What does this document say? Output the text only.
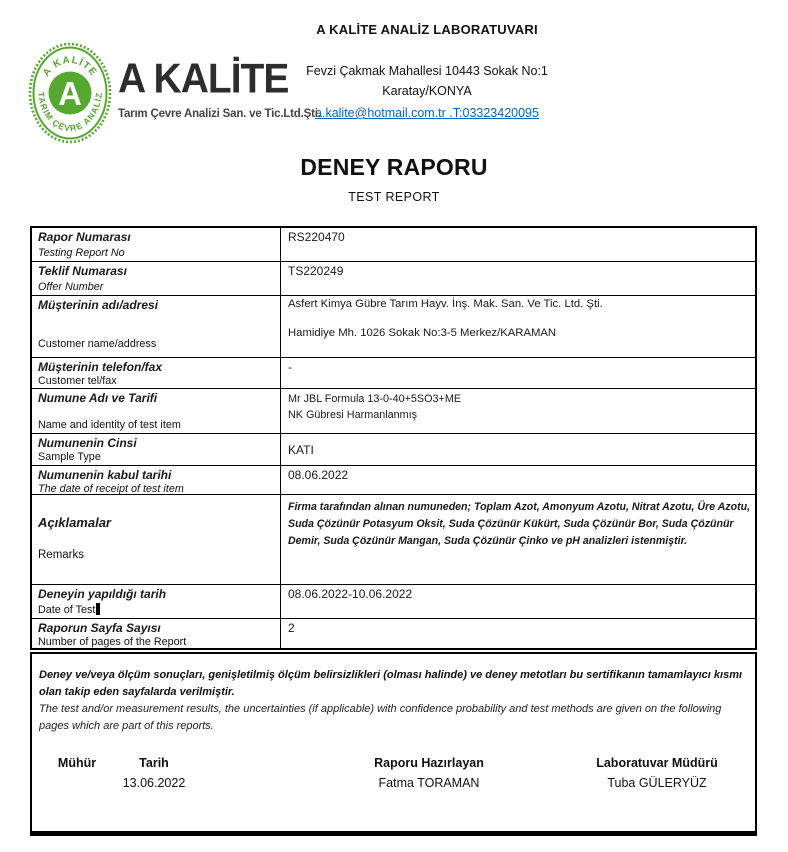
A KALİTE ANALİZ LABORATUVARI
Fevzi Çakmak Mahallesi 10443 Sokak No:1
Karatay/KONYA
a.kalite@hotmail.com.tr .T:03323420095
A KALİTE
TARIM ÇEVRE ANALİZ
A A KALİTE
Tarım Çevre Analizi San. ve Tic.Ltd.Şti.
DENEY RAPORU
TEST REPORT
Rapor Numarası
Testing Report No
RS220470
Teklif Numarası
Offer Number
TS220249
Müşterinin adı/adresi
Customer name/address
Asfert Kimya Gübre Tarım Hayv. İnş. Mak. San. Ve Tic. Ltd. Şti.
Hamidiye Mh. 1026 Sokak No:3-5 Merkez/KARAMAN
Müşterinin telefon/fax
Customer tel/fax
-
Numune Adı ve Tarifi
Name and identity of test item
Mr JBL Formula 13-0-40+5SO3+ME
NK Gübresi Harmanlanmış
Numunenin Cinsi
Sample Type
KATI
Numunenin kabul tarihi
The date of receipt of test item
08.06.2022
Açıklamalar
Remarks
Firma tarafından alınan numuneden; Toplam Azot, Amonyum Azotu, Nitrat Azotu, Üre Azotu, Suda Çözünür Potasyum Oksit, Suda Çözünür Kükürt, Suda Çözünür Bor, Suda Çözünür Demir, Suda Çözünür Mangan, Suda Çözünür Çinko ve pH analizleri istenmiştir.
Deneyin yapıldığı tarih
Date of Test
08.06.2022-10.06.2022
Raporun Sayfa Sayısı
Number of pages of the Report
2
Deney ve/veya ölçüm sonuçları, genişletilmiş ölçüm belirsizlikleri (olması halinde) ve deney metotları bu sertifikanın tamamlayıcı kısmı olan takip eden sayfalarda verilmiştir.
The test and/or measurement results, the uncertainties (if applicable) with confidence probability and test methods are given on the following pages which are part of this reports.
Mühür	Tarih
13.06.2022
Raporu Hazırlayan
Fatma TORAMAN
Laboratuvar Müdürü
Tuba GÜLERYÜZ
